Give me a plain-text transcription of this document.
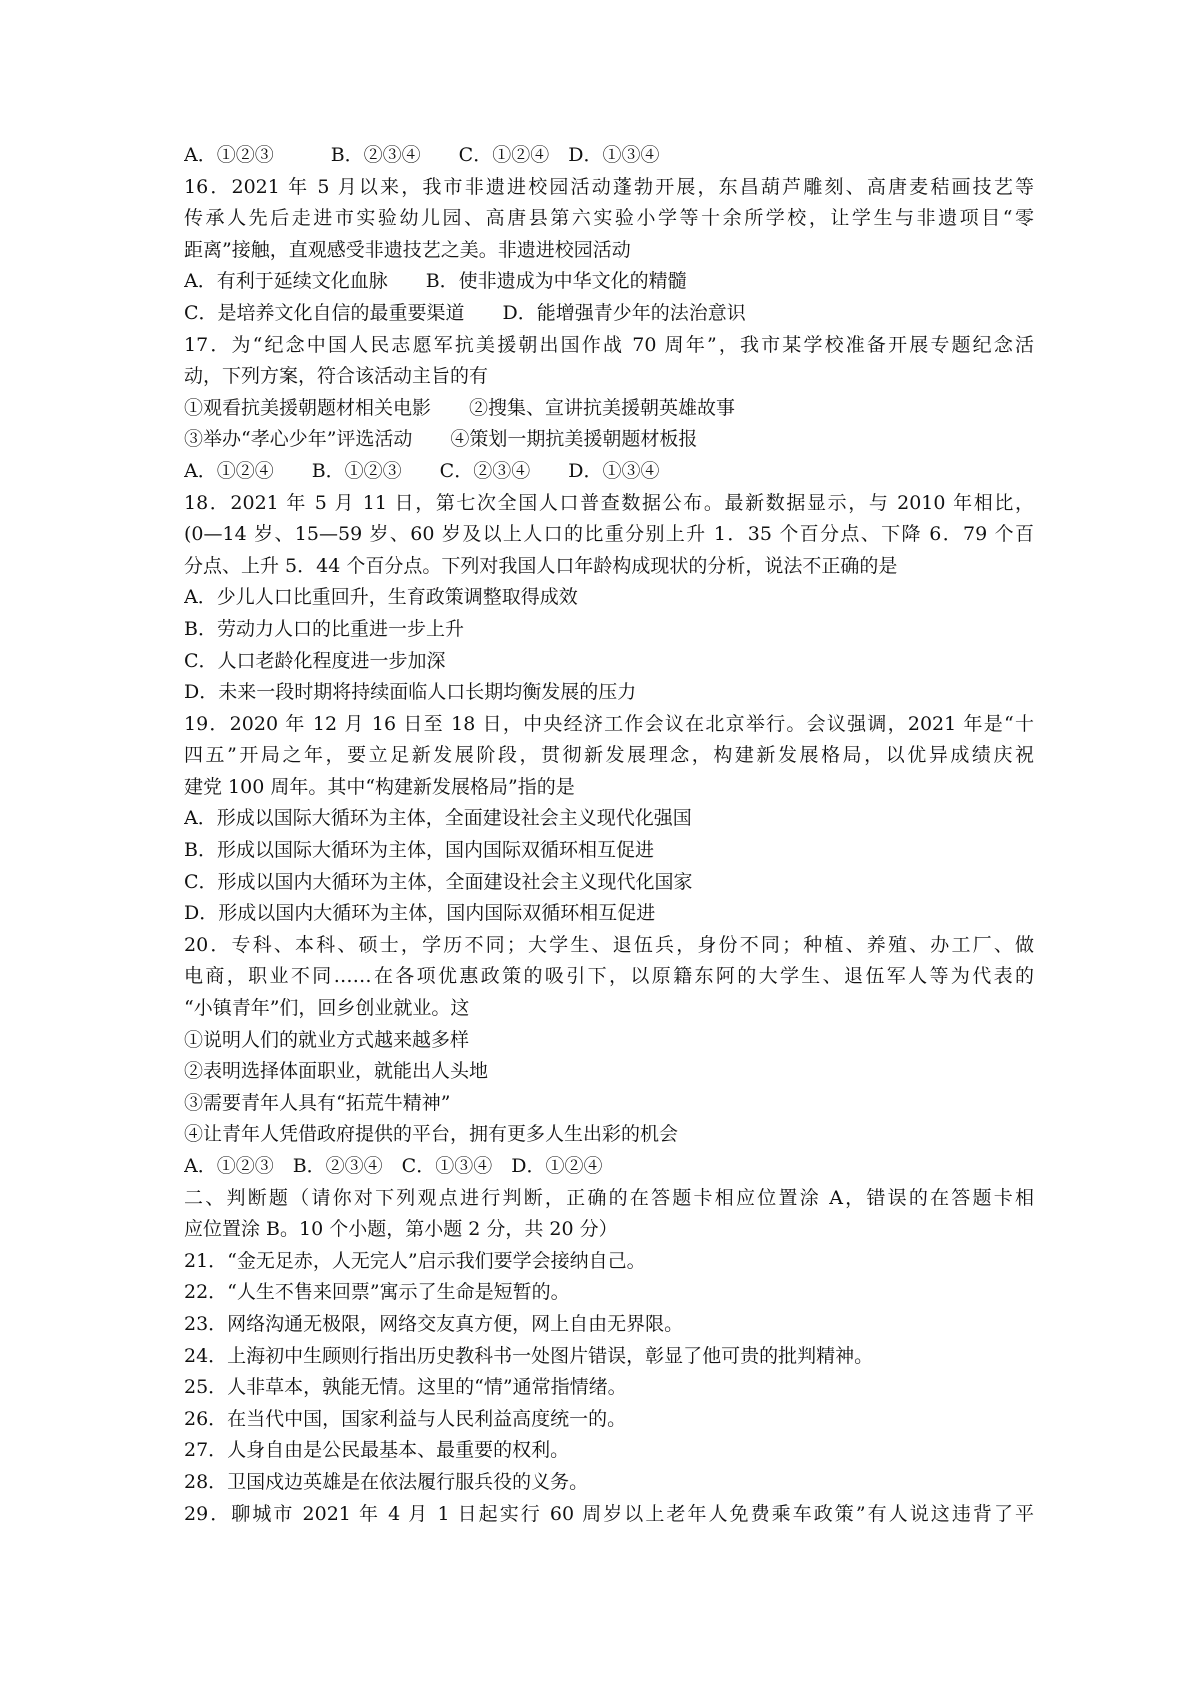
A．①②③　　　B．②③④　　C．①②④　D．①③④
16．2021 年 5 月以来，我市非遗进校园活动蓬勃开展，东昌葫芦雕刻、高唐麦秸画技艺等
传承人先后走进市实验幼儿园、高唐县第六实验小学等十余所学校，让学生与非遗项目“零
距离”接触，直观感受非遗技艺之美。非遗进校园活动
A．有利于延续文化血脉　　B．使非遗成为中华文化的精髓
C．是培养文化自信的最重要渠道　　D．能增强青少年的法治意识
17．为“纪念中国人民志愿军抗美援朝出国作战 70 周年”，我市某学校准备开展专题纪念活
动，下列方案，符合该活动主旨的有
①观看抗美援朝题材相关电影　　②搜集、宣讲抗美援朝英雄故事
③举办“孝心少年”评选活动　　④策划一期抗美援朝题材板报
A．①②④　　B．①②③　　C．②③④　　D．①③④
18．2021 年 5 月 11 日，第七次全国人口普查数据公布。最新数据显示，与 2010 年相比，
(0—14 岁、15—59 岁、60 岁及以上人口的比重分别上升 1．35 个百分点、下降 6．79 个百
分点、上升 5．44 个百分点。下列对我国人口年龄构成现状的分析，说法不正确的是
A．少儿人口比重回升，生育政策调整取得成效
B．劳动力人口的比重进一步上升
C．人口老龄化程度进一步加深
D．未来一段时期将持续面临人口长期均衡发展的压力
19．2020 年 12 月 16 日至 18 日，中央经济工作会议在北京举行。会议强调，2021 年是“十
四五”开局之年，要立足新发展阶段，贯彻新发展理念，构建新发展格局，以优异成绩庆祝
建党 100 周年。其中“构建新发展格局”指的是
A．形成以国际大循环为主体，全面建设社会主义现代化强国
B．形成以国际大循环为主体，国内国际双循环相互促进
C．形成以国内大循环为主体，全面建设社会主义现代化国家
D．形成以国内大循环为主体，国内国际双循环相互促进
20．专科、本科、硕士，学历不同；大学生、退伍兵，身份不同；种植、养殖、办工厂、做
电商，职业不同……在各项优惠政策的吸引下，以原籍东阿的大学生、退伍军人等为代表的
“小镇青年”们，回乡创业就业。这
①说明人们的就业方式越来越多样
②表明选择体面职业，就能出人头地
③需要青年人具有“拓荒牛精神”
④让青年人凭借政府提供的平台，拥有更多人生出彩的机会
A．①②③　B．②③④　C．①③④　D．①②④
二、判断题（请你对下列观点进行判断，正确的在答题卡相应位置涂 A，错误的在答题卡相
应位置涂 B。10 个小题，第小题 2 分，共 20 分）
21．“金无足赤，人无完人”启示我们要学会接纳自己。
22．“人生不售来回票”寓示了生命是短暂的。
23．网络沟通无极限，网络交友真方便，网上自由无界限。
24．上海初中生顾则行指出历史教科书一处图片错误，彰显了他可贵的批判精神。
25．人非草本，孰能无情。这里的“情”通常指情绪。
26．在当代中国，国家利益与人民利益高度统一的。
27．人身自由是公民最基本、最重要的权利。
28．卫国戍边英雄是在依法履行服兵役的义务。
29．聊城市 2021 年 4 月 1 日起实行 60 周岁以上老年人免费乘车政策”有人说这违背了平
